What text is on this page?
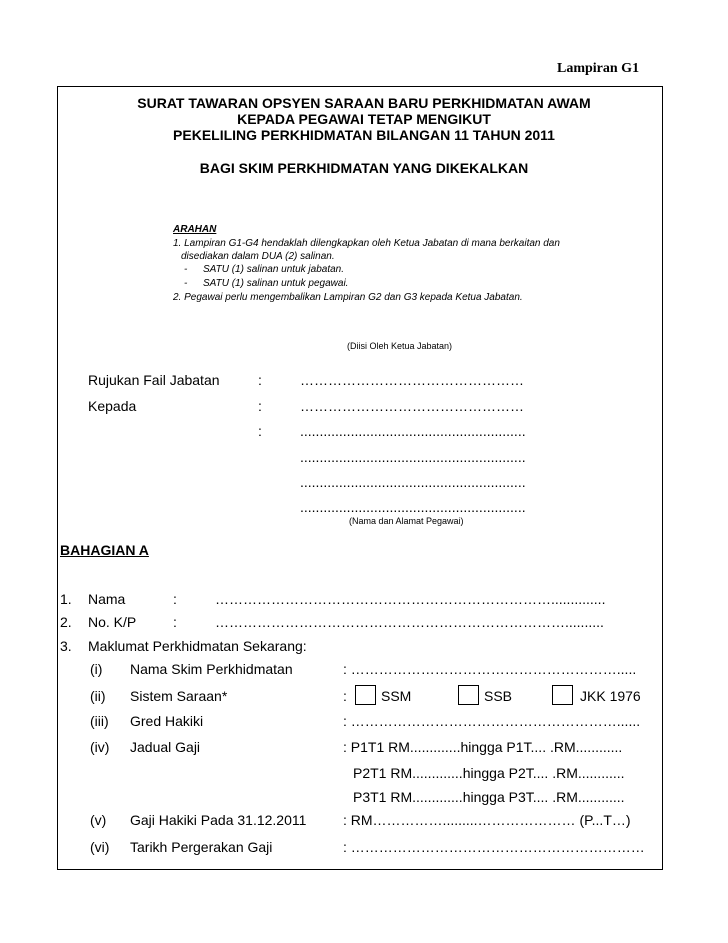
Lampiran G1
SURAT TAWARAN OPSYEN SARAAN BARU PERKHIDMATAN AWAM
KEPADA PEGAWAI TETAP MENGIKUT
PEKELILING PERKHIDMATAN BILANGAN 11 TAHUN 2011
BAGI SKIM PERKHIDMATAN YANG DIKEKALKAN
ARAHAN
1. Lampiran G1-G4 hendaklah dilengkapkan oleh Ketua Jabatan di mana berkaitan dan
disediakan dalam DUA (2) salinan.
- SATU (1) salinan untuk jabatan.
- SATU (1) salinan untuk pegawai.
2. Pegawai perlu mengembalikan Lampiran G2 dan G3 kepada Ketua Jabatan.
(Diisi Oleh Ketua Jabatan)
Rujukan Fail Jabatan	:	…………………………………………
Kepada	:	…………………………………………
:	..........................................................
..........................................................
..........................................................
..........................................................
(Nama dan Alamat Pegawai)
BAHAGIAN A
1. Nama	:	………………………………………………………………..............
2. No. K/P	:	…………………………………………………………………..........
3. Maklumat Perkhidmatan Sekarang:
(i) Nama Skim Perkhidmatan	: ………………………………………………….....
(ii) Sistem Saraan*	: SSM	SSB	JKK 1976
(iii) Gred Hakiki	: …………………………………………………......
(iv) Jadual Gaji	: P1T1 RM.............hingga P1T.... .RM............
P2T1 RM.............hingga P2T.... .RM............
P3T1 RM.............hingga P3T.... .RM............
(v) Gaji Hakiki Pada 31.12.2011	: RM…………….........………………… (P...T…)
(vi) Tarikh Pergerakan Gaji	: ………………………………………………………
